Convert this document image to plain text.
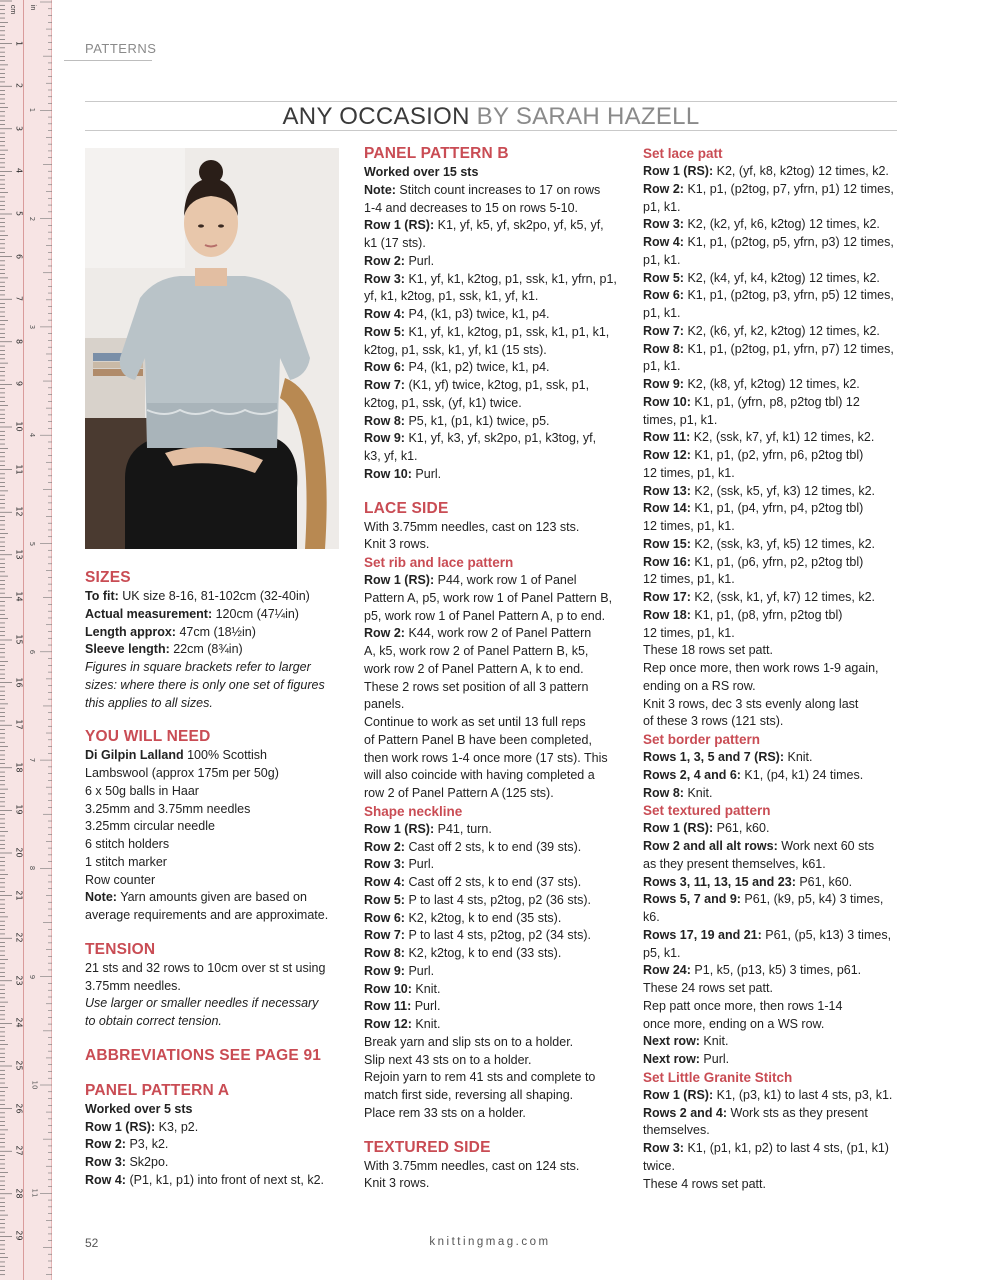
cm in
1
2
3
4
5
6
7
8
9
10
11
12
13
14
15
16
17
18
19
20
21
22
23
24
25
26
27
28
29
1
2
3
4
5
6
7
8
9
10
11
PATTERNS
ANY OCCASION BY SARAH HAZELL
SIZES
To fit: UK size 8-16, 81-102cm (32-40in)
Actual measurement: 120cm (47¼in)
Length approx: 47cm (18½in)
Sleeve length: 22cm (8¾in)
Figures in square brackets refer to larger
sizes: where there is only one set of figures
this applies to all sizes.
YOU WILL NEED
Di Gilpin Lalland 100% Scottish
Lambswool (approx 175m per 50g)
6 x 50g balls in Haar
3.25mm and 3.75mm needles
3.25mm circular needle
6 stitch holders
1 stitch marker
Row counter
Note: Yarn amounts given are based on
average requirements and are approximate.
TENSION
21 sts and 32 rows to 10cm over st st using
3.75mm needles.
Use larger or smaller needles if necessary
to obtain correct tension.
ABBREVIATIONS SEE PAGE 91
PANEL PATTERN A
Worked over 5 sts
Row 1 (RS): K3, p2.
Row 2: P3, k2.
Row 3: Sk2po.
Row 4: (P1, k1, p1) into front of next st, k2.
PANEL PATTERN B
Worked over 15 sts
Note: Stitch count increases to 17 on rows
1-4 and decreases to 15 on rows 5-10.
Row 1 (RS): K1, yf, k5, yf, sk2po, yf, k5, yf,
k1 (17 sts).
Row 2: Purl.
Row 3: K1, yf, k1, k2tog, p1, ssk, k1, yfrn, p1,
yf, k1, k2tog, p1, ssk, k1, yf, k1.
Row 4: P4, (k1, p3) twice, k1, p4.
Row 5: K1, yf, k1, k2tog, p1, ssk, k1, p1, k1,
k2tog, p1, ssk, k1, yf, k1 (15 sts).
Row 6: P4, (k1, p2) twice, k1, p4.
Row 7: (K1, yf) twice, k2tog, p1, ssk, p1,
k2tog, p1, ssk, (yf, k1) twice.
Row 8: P5, k1, (p1, k1) twice, p5.
Row 9: K1, yf, k3, yf, sk2po, p1, k3tog, yf,
k3, yf, k1.
Row 10: Purl.
LACE SIDE
With 3.75mm needles, cast on 123 sts.
Knit 3 rows.
Set rib and lace pattern
Row 1 (RS): P44, work row 1 of Panel
Pattern A, p5, work row 1 of Panel Pattern B,
p5, work row 1 of Panel Pattern A, p to end.
Row 2: K44, work row 2 of Panel Pattern
A, k5, work row 2 of Panel Pattern B, k5,
work row 2 of Panel Pattern A, k to end.
These 2 rows set position of all 3 pattern
panels.
Continue to work as set until 13 full reps
of Pattern Panel B have been completed,
then work rows 1-4 once more (17 sts). This
will also coincide with having completed a
row 2 of Panel Pattern A (125 sts).
Shape neckline
Row 1 (RS): P41, turn.
Row 2: Cast off 2 sts, k to end (39 sts).
Row 3: Purl.
Row 4: Cast off 2 sts, k to end (37 sts).
Row 5: P to last 4 sts, p2tog, p2 (36 sts).
Row 6: K2, k2tog, k to end (35 sts).
Row 7: P to last 4 sts, p2tog, p2 (34 sts).
Row 8: K2, k2tog, k to end (33 sts).
Row 9: Purl.
Row 10: Knit.
Row 11: Purl.
Row 12: Knit.
Break yarn and slip sts on to a holder.
Slip next 43 sts on to a holder.
Rejoin yarn to rem 41 sts and complete to
match first side, reversing all shaping.
Place rem 33 sts on a holder.
TEXTURED SIDE
With 3.75mm needles, cast on 124 sts.
Knit 3 rows.
Set lace patt
Row 1 (RS): K2, (yf, k8, k2tog) 12 times, k2.
Row 2: K1, p1, (p2tog, p7, yfrn, p1) 12 times,
p1, k1.
Row 3: K2, (k2, yf, k6, k2tog) 12 times, k2.
Row 4: K1, p1, (p2tog, p5, yfrn, p3) 12 times,
p1, k1.
Row 5: K2, (k4, yf, k4, k2tog) 12 times, k2.
Row 6: K1, p1, (p2tog, p3, yfrn, p5) 12 times,
p1, k1.
Row 7: K2, (k6, yf, k2, k2tog) 12 times, k2.
Row 8: K1, p1, (p2tog, p1, yfrn, p7) 12 times,
p1, k1.
Row 9: K2, (k8, yf, k2tog) 12 times, k2.
Row 10: K1, p1, (yfrn, p8, p2tog tbl) 12
times, p1, k1.
Row 11: K2, (ssk, k7, yf, k1) 12 times, k2.
Row 12: K1, p1, (p2, yfrn, p6, p2tog tbl)
12 times, p1, k1.
Row 13: K2, (ssk, k5, yf, k3) 12 times, k2.
Row 14: K1, p1, (p4, yfrn, p4, p2tog tbl)
12 times, p1, k1.
Row 15: K2, (ssk, k3, yf, k5) 12 times, k2.
Row 16: K1, p1, (p6, yfrn, p2, p2tog tbl)
12 times, p1, k1.
Row 17: K2, (ssk, k1, yf, k7) 12 times, k2.
Row 18: K1, p1, (p8, yfrn, p2tog tbl)
12 times, p1, k1.
These 18 rows set patt.
Rep once more, then work rows 1-9 again,
ending on a RS row.
Knit 3 rows, dec 3 sts evenly along last
of these 3 rows (121 sts).
Set border pattern
Rows 1, 3, 5 and 7 (RS): Knit.
Rows 2, 4 and 6: K1, (p4, k1) 24 times.
Row 8: Knit.
Set textured pattern
Row 1 (RS): P61, k60.
Row 2 and all alt rows: Work next 60 sts
as they present themselves, k61.
Rows 3, 11, 13, 15 and 23: P61, k60.
Rows 5, 7 and 9: P61, (k9, p5, k4) 3 times,
k6.
Rows 17, 19 and 21: P61, (p5, k13) 3 times,
p5, k1.
Row 24: P1, k5, (p13, k5) 3 times, p61.
These 24 rows set patt.
Rep patt once more, then rows 1-14
once more, ending on a WS row.
Next row: Knit.
Next row: Purl.
Set Little Granite Stitch
Row 1 (RS): K1, (p3, k1) to last 4 sts, p3, k1.
Rows 2 and 4: Work sts as they present
themselves.
Row 3: K1, (p1, k1, p2) to last 4 sts, (p1, k1)
twice.
These 4 rows set patt.
52	knittingmag.com
